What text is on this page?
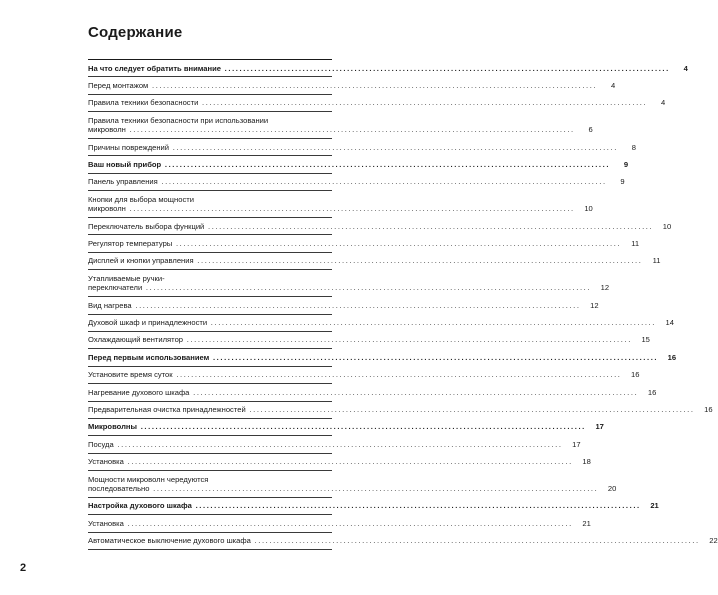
Содержание
На что следует обратить внимание ........................................................................................................................	4
Перед монтажом ........................................................................................................................	4
Правила техники безопасности ........................................................................................................................	4
Правила техники безопасности при использовании
микроволн ........................................................................................................................	6
Причины повреждений ........................................................................................................................	8
Ваш новый прибор ........................................................................................................................	9
Панель управления ........................................................................................................................	9
Кнопки для выбора мощности
микроволн ........................................................................................................................	10
Переключатель выбора функций ........................................................................................................................	10
Регулятор температуры ........................................................................................................................	11
Дисплей и кнопки управления ........................................................................................................................	11
Утапливаемые ручки-
переключатели ........................................................................................................................	12
Вид нагрева ........................................................................................................................	12
Духовой шкаф и принадлежности ........................................................................................................................	14
Охлаждающий вентилятор ........................................................................................................................	15
Перед первым использованием ........................................................................................................................	16
Установите время суток ........................................................................................................................	16
Нагревание духового шкафа ........................................................................................................................	16
Предварительная очистка принадлежностей ........................................................................................................................	16
Микроволны ........................................................................................................................	17
Посуда ........................................................................................................................	17
Установка ........................................................................................................................	18
Мощности микроволн чередуются
последовательно ........................................................................................................................	20
Настройка духового шкафа ........................................................................................................................	21
Установка ........................................................................................................................	21
Автоматическое выключение духового шкафа ........................................................................................................................	22
2
